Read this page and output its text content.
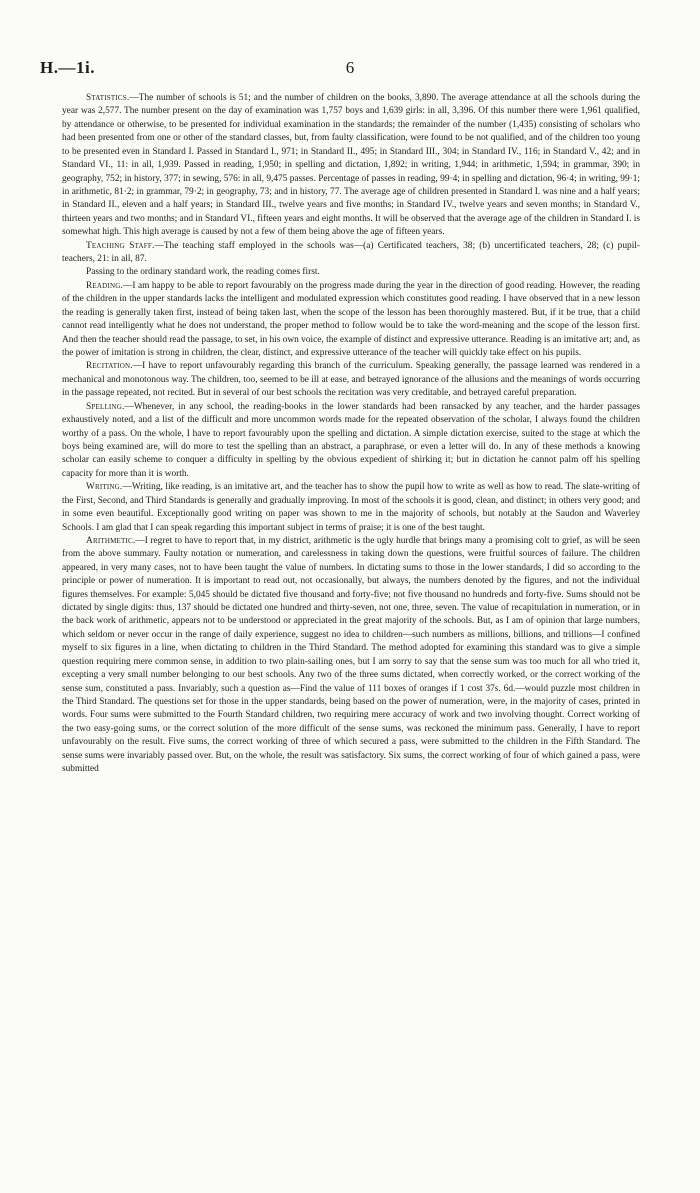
H.—1i.	6

Statistics.—The number of schools is 51; and the number of children on the books, 3,890. The average attendance at all the schools during the year was 2,577. The number present on the day of examination was 1,757 boys and 1,639 girls: in all, 3,396. Of this number there were 1,961 qualified, by attendance or otherwise, to be presented for individual examination in the standards; the remainder of the number (1,435) consisting of scholars who had been presented from one or other of the standard classes, but, from faulty classification, were found to be not qualified, and of the children too young to be presented even in Standard I. Passed in Standard I., 971; in Standard II., 495; in Standard III., 304; in Standard IV., 116; in Standard V., 42; and in Standard VI., 11: in all, 1,939. Passed in reading, 1,950; in spelling and dictation, 1,892; in writing, 1,944; in arithmetic, 1,594; in grammar, 390; in geography, 752; in history, 377; in sewing, 576: in all, 9,475 passes. Percentage of passes in reading, 99·4; in spelling and dictation, 96·4; in writing, 99·1; in arithmetic, 81·2; in grammar, 79·2; in geography, 73; and in history, 77. The average age of children presented in Standard I. was nine and a half years; in Standard II., eleven and a half years; in Standard III., twelve years and five months; in Standard IV., twelve years and seven months; in Standard V., thirteen years and two months; and in Standard VI., fifteen years and eight months. It will be observed that the average age of the children in Standard I. is somewhat high. This high average is caused by not a few of them being above the age of fifteen years.

Teaching Staff.—The teaching staff employed in the schools was—(a) Certificated teachers, 38; (b) uncertificated teachers, 28; (c) pupil-teachers, 21: in all, 87.

Passing to the ordinary standard work, the reading comes first.

Reading.—I am happy to be able to report favourably on the progress made during the year in the direction of good reading. However, the reading of the children in the upper standards lacks the intelligent and modulated expression which constitutes good reading. I have observed that in a new lesson the reading is generally taken first, instead of being taken last, when the scope of the lesson has been thoroughly mastered. But, if it be true, that a child cannot read intelligently what he does not understand, the proper method to follow would be to take the word-meaning and the scope of the lesson first. And then the teacher should read the passage, to set, in his own voice, the example of distinct and expressive utterance. Reading is an imitative art; and, as the power of imitation is strong in children, the clear, distinct, and expressive utterance of the teacher will quickly take effect on his pupils.

Recitation.—I have to report unfavourably regarding this branch of the curriculum. Speaking generally, the passage learned was rendered in a mechanical and monotonous way. The children, too, seemed to be ill at ease, and betrayed ignorance of the allusions and the meanings of words occurring in the passage repeated, not recited. But in several of our best schools the recitation was very creditable, and betrayed careful preparation.

Spelling.—Whenever, in any school, the reading-books in the lower standards had been ransacked by any teacher, and the harder passages exhaustively noted, and a list of the difficult and more uncommon words made for the repeated observation of the scholar, I always found the children worthy of a pass. On the whole, I have to report favourably upon the spelling and dictation. A simple dictation exercise, suited to the stage at which the boys being examined are, will do more to test the spelling than an abstract, a paraphrase, or even a letter will do. In any of these methods a knowing scholar can easily scheme to conquer a difficulty in spelling by the obvious expedient of shirking it; but in dictation he cannot palm off his spelling capacity for more than it is worth.

Writing.—Writing, like reading, is an imitative art, and the teacher has to show the pupil how to write as well as how to read. The slate-writing of the First, Second, and Third Standards is generally and gradually improving. In most of the schools it is good, clean, and distinct; in others very good; and in some even beautiful. Exceptionally good writing on paper was shown to me in the majority of schools, but notably at the Saudon and Waverley Schools. I am glad that I can speak regarding this important subject in terms of praise; it is one of the best taught.

Arithmetic.—I regret to have to report that, in my district, arithmetic is the ugly hurdle that brings many a promising colt to grief, as will be seen from the above summary. Faulty notation or numeration, and carelessness in taking down the questions, were fruitful sources of failure. The children appeared, in very many cases, not to have been taught the value of numbers. In dictating sums to those in the lower standards, I did so according to the principle or power of numeration. It is important to read out, not occasionally, but always, the numbers denoted by the figures, and not the individual figures themselves. For example: 5,045 should be dictated five thousand and forty-five; not five thousand no hundreds and forty-five. Sums should not be dictated by single digits: thus, 137 should be dictated one hundred and thirty-seven, not one, three, seven. The value of recapitulation in numeration, or in the back work of arithmetic, appears not to be understood or appreciated in the great majority of the schools. But, as I am of opinion that large numbers, which seldom or never occur in the range of daily experience, suggest no idea to children—such numbers as millions, billions, and trillions—I confined myself to six figures in a line, when dictating to children in the Third Standard. The method adopted for examining this standard was to give a simple question requiring mere common sense, in addition to two plain-sailing ones, but I am sorry to say that the sense sum was too much for all who tried it, excepting a very small number belonging to our best schools. Any two of the three sums dictated, when correctly worked, or the correct working of the sense sum, constituted a pass. Invariably, such a question as—Find the value of 111 boxes of oranges if 1 cost 37s. 6d.—would puzzle most children in the Third Standard. The questions set for those in the upper standards, being based on the power of numeration, were, in the majority of cases, printed in words. Four sums were submitted to the Fourth Standard children, two requiring mere accuracy of work and two involving thought. Correct working of the two easy-going sums, or the correct solution of the more difficult of the sense sums, was reckoned the minimum pass. Generally, I have to report unfavourably on the result. Five sums, the correct working of three of which secured a pass, were submitted to the children in the Fifth Standard. The sense sums were invariably passed over. But, on the whole, the result was satisfactory. Six sums, the correct working of four of which gained a pass, were submitted
